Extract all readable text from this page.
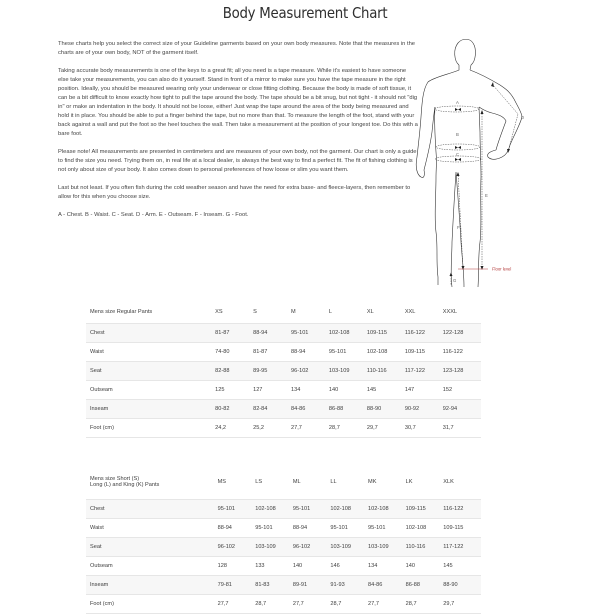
Body Measurement Chart

These charts help you select the correct size of your Guideline garments based on your own body measures. Note that the measures in the charts are of your own body, NOT of the garment itself.

Taking accurate body measurements is one of the keys to a great fit; all you need is a tape measure. While it's easiest to have someone else take your measurements, you can also do it yourself. Stand in front of a mirror to make sure you have the tape measure in the right position. Ideally, you should be measured wearing only your underwear or close fitting clothing. Because the body is made of soft tissue, it can be a bit difficult to know exactly how tight to pull the tape around the body. The tape should be a bit snug, but not tight - it should not "dig in" or make an indentation in the body. It should not be loose, either! Just wrap the tape around the area of the body being measured and hold it in place. You should be able to put a finger behind the tape, but no more than that. To measure the length of the foot, stand with your back against a wall and put the foot so the heel touches the wall. Then take a measurement at the position of your longest toe. Do this with a bare foot.

Please note! All measurements are presented in centimeters and are measures of your own body, not the garment. Our chart is only a guide to find the size you need. Trying them on, in real life at a local dealer, is always the best way to find a perfect fit. The fit of fishing clothing is not only about size of your body. It also comes down to personal preferences of how loose or slim you want them.

Last but not least. If you often fish during the cold weather season and have the need for extra base- and fleece-layers, then remember to allow for this when you choose size.

A - Chest. B - Waist. C - Seat. D - Arm. E - Outseam. F - Inseam. G - Foot.

Floor level
A
B
C
D
E
F
G
Mens size Regular Pants	XS	S	M	L	XL	XXL	XXXL
Chest	81-87	88-94	95-101	102-108	109-115	116-122	122-128
Waist	74-80	81-87	88-94	95-101	102-108	109-115	116-122
Seat	82-88	89-95	96-102	103-109	110-116	117-122	123-128
Outseam	125	127	134	140	145	147	152
Inseam	80-82	82-84	84-86	86-88	88-90	90-92	92-94
Foot (cm)	24,2	25,2	27,7	28,7	29,7	30,7	31,7
Mens size Short (S)
Long (L) and King (K) Pants	MS	LS	ML	LL	MK	LK	XLK
Chest	95-101	102-108	95-101	102-108	102-108	109-115	116-122
Waist	88-94	95-101	88-94	95-101	95-101	102-108	109-115
Seat	96-102	103-109	96-102	103-109	103-109	110-116	117-122
Outseam	128	133	140	146	134	140	145
Inseam	79-81	81-83	89-91	91-93	84-86	86-88	88-90
Foot (cm)	27,7	28,7	27,7	28,7	27,7	28,7	29,7
